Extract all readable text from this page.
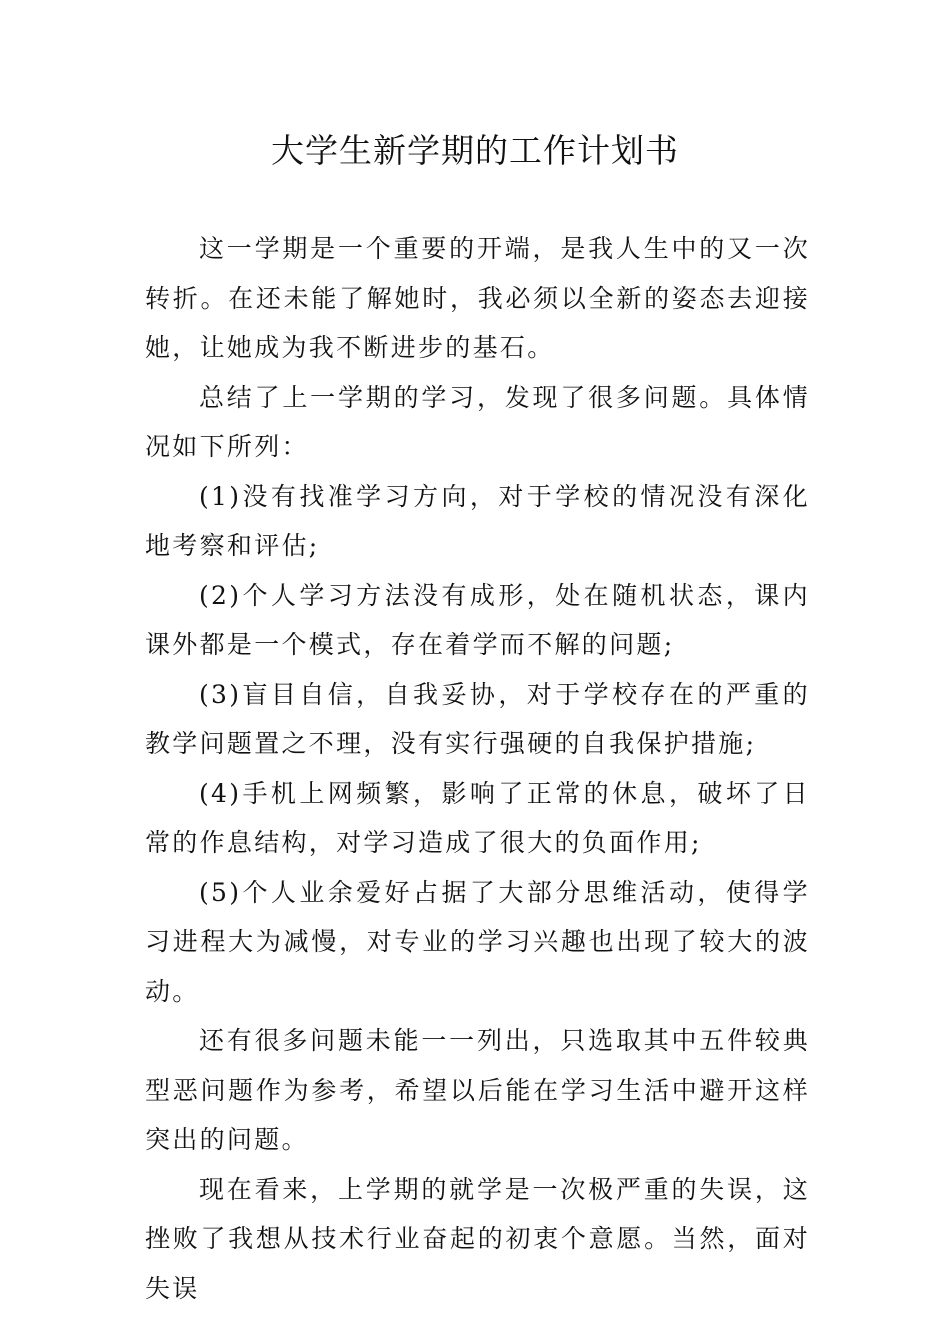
大学生新学期的工作计划书

这一学期是一个重要的开端，是我人生中的又一次转折。在还未能了解她时，我必须以全新的姿态去迎接她，让她成为我不断进步的基石。

总结了上一学期的学习，发现了很多问题。具体情况如下所列：

(1)没有找准学习方向，对于学校的情况没有深化地考察和评估;

(2)个人学习方法没有成形，处在随机状态，课内课外都是一个模式，存在着学而不解的问题;

(3)盲目自信，自我妥协，对于学校存在的严重的教学问题置之不理，没有实行强硬的自我保护措施;

(4)手机上网频繁，影响了正常的休息，破坏了日常的作息结构，对学习造成了很大的负面作用;

(5)个人业余爱好占据了大部分思维活动，使得学习进程大为减慢，对专业的学习兴趣也出现了较大的波动。

还有很多问题未能一一列出，只选取其中五件较典型恶问题作为参考，希望以后能在学习生活中避开这样突出的问题。

现在看来，上学期的就学是一次极严重的失误，这挫败了我想从技术行业奋起的初衷个意愿。当然，面对失误
